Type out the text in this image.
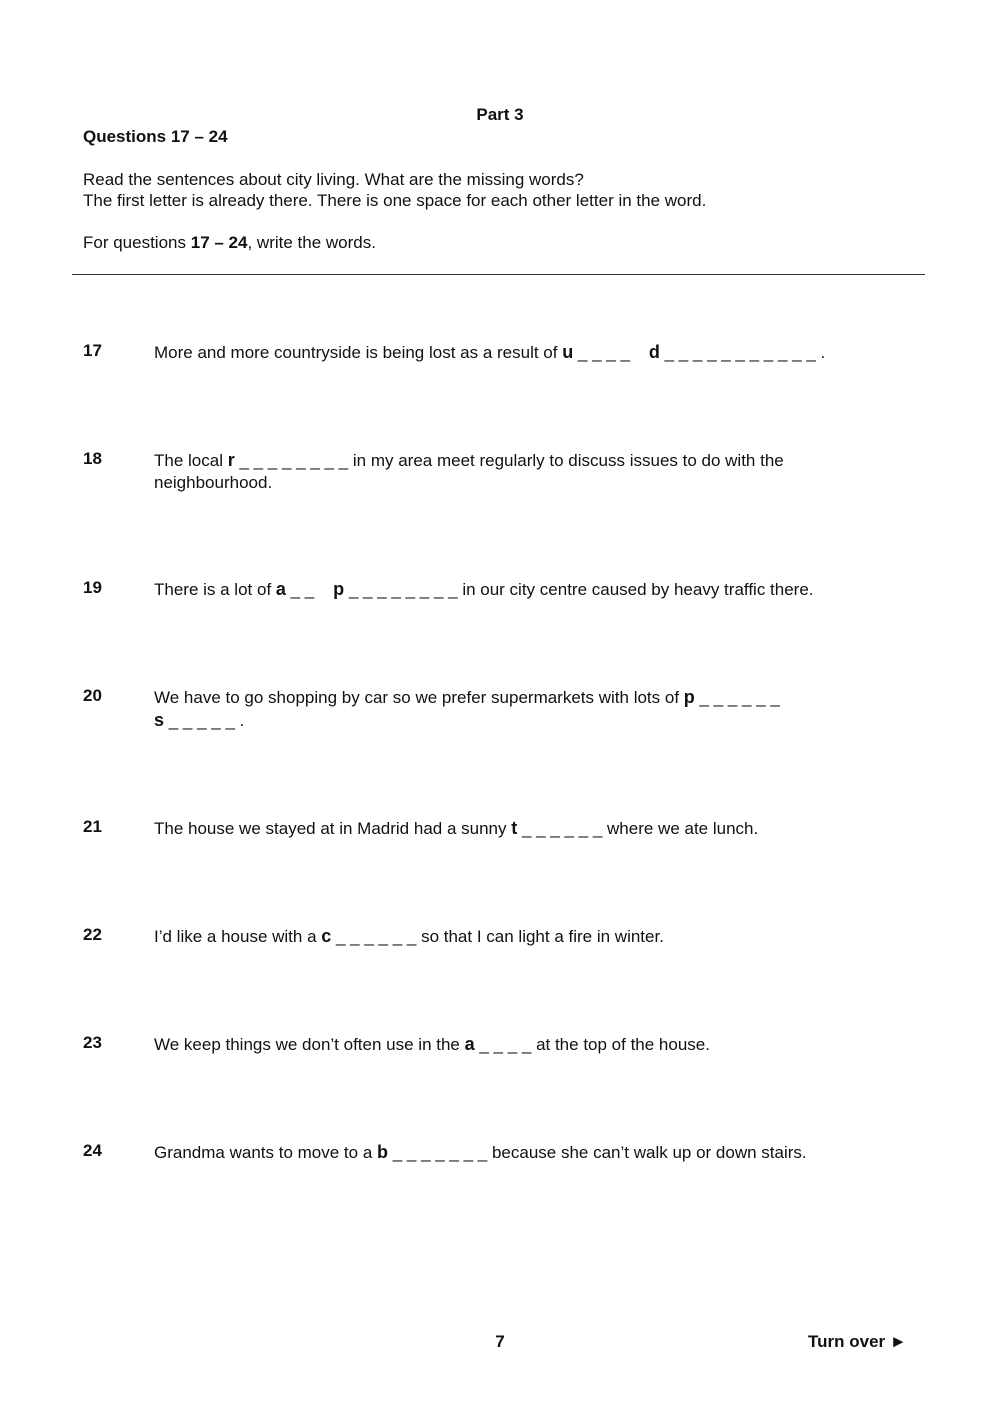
Part 3
Questions 17 – 24
Read the sentences about city living. What are the missing words?
The first letter is already there. There is one space for each other letter in the word.
For questions 17 – 24, write the words.
17	More and more countryside is being lost as a result of u _ _ _ _    d _ _ _ _ _ _ _ _ _ _ _ .
18	The local r _ _ _ _ _ _ _ _ in my area meet regularly to discuss issues to do with the
neighbourhood.
19	There is a lot of a _ _    p _ _ _ _ _ _ _ _ in our city centre caused by heavy traffic there.
20	We have to go shopping by car so we prefer supermarkets with lots of p _ _ _ _ _ _
s _ _ _ _ _ .
21	The house we stayed at in Madrid had a sunny t _ _ _ _ _ _ where we ate lunch.
22	I’d like a house with a c _ _ _ _ _ _ so that I can light a fire in winter.
23	We keep things we don’t often use in the a _ _ _ _ at the top of the house.
24	Grandma wants to move to a b _ _ _ _ _ _ _ because she can’t walk up or down stairs.
7	Turn over ►
